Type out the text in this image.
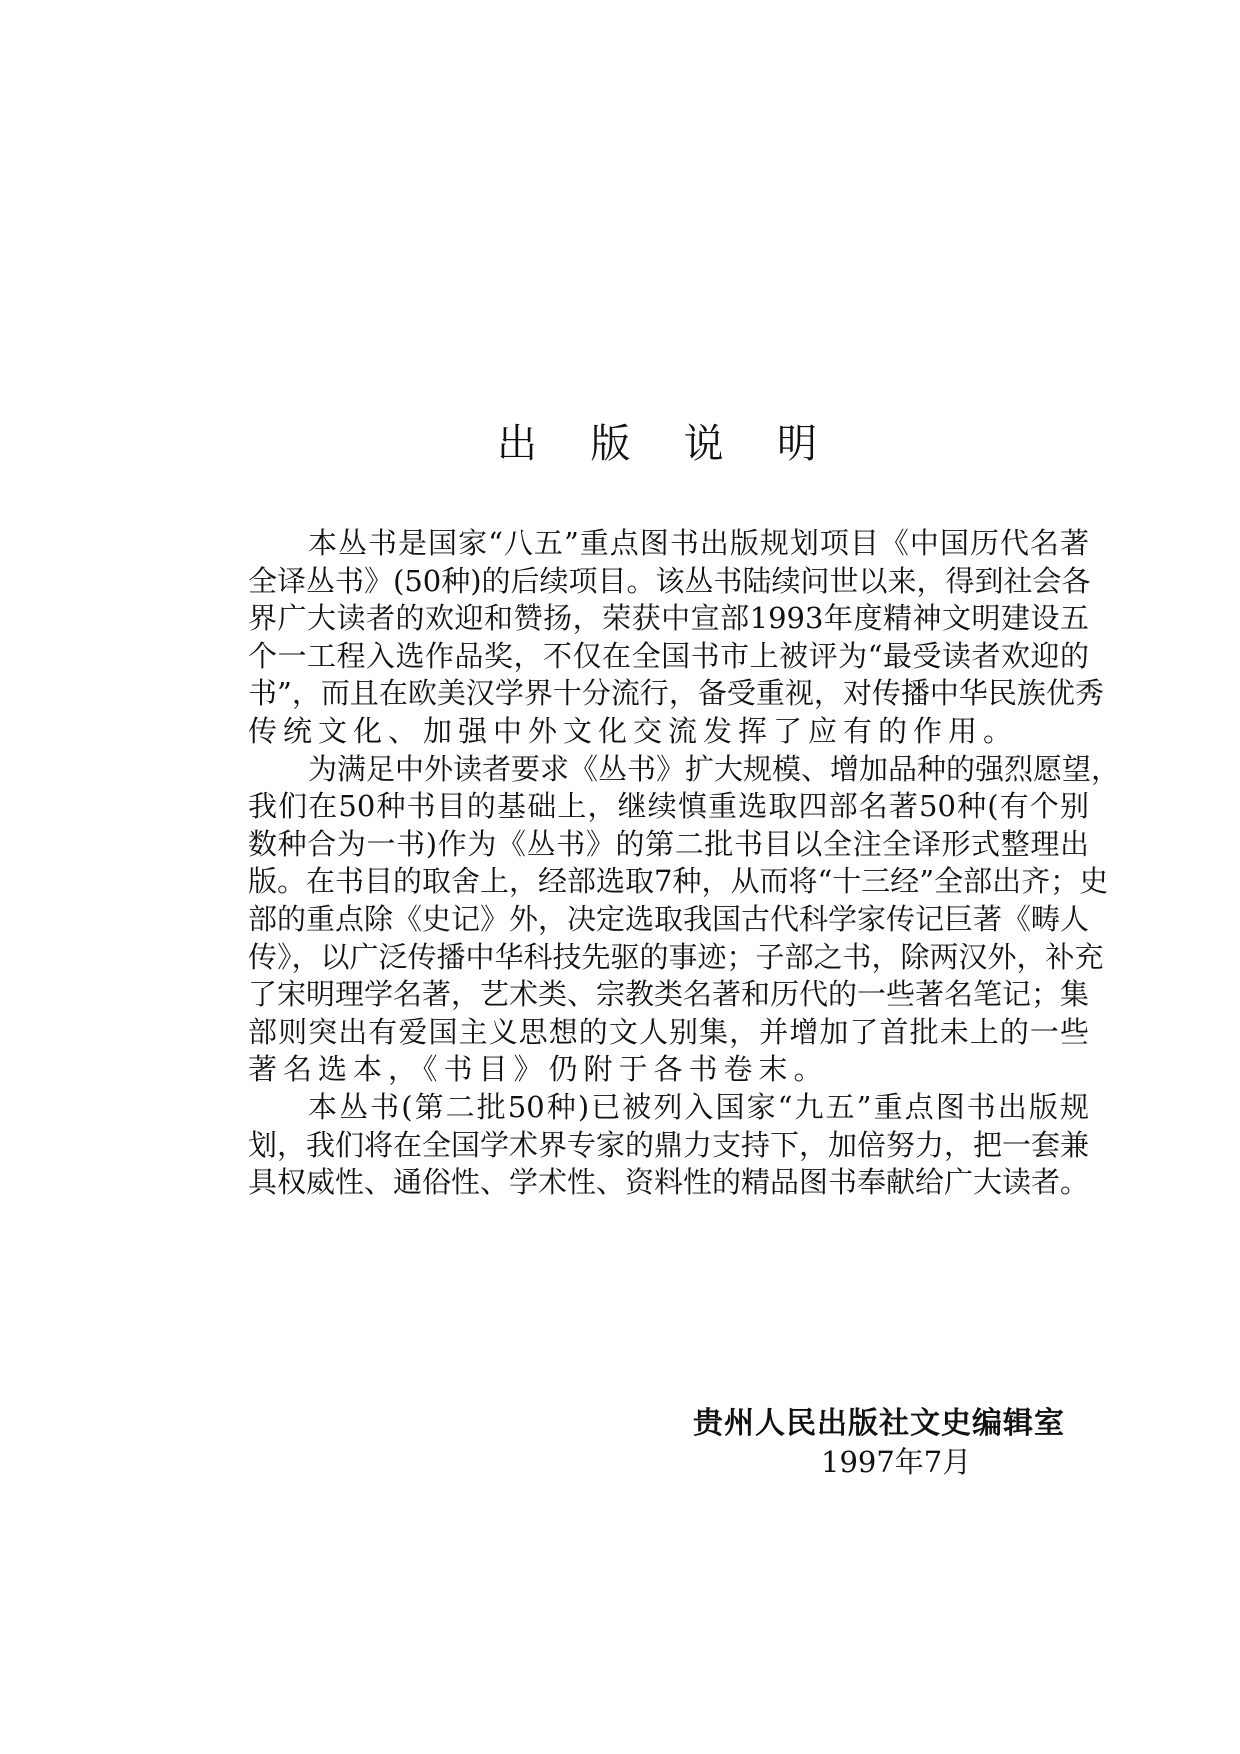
出 版 说 明
本丛书是国家“八五”重点图书出版规划项目《中国历代名著
全译丛书》(50种)的后续项目。该丛书陆续问世以来，得到社会各
界广大读者的欢迎和赞扬，荣获中宣部1993年度精神文明建设五
个一工程入选作品奖，不仅在全国书市上被评为“最受读者欢迎的
书”，而且在欧美汉学界十分流行，备受重视，对传播中华民族优秀
传统文化、加强中外文化交流发挥了应有的作用。
为满足中外读者要求《丛书》扩大规模、增加品种的强烈愿望，
我们在50种书目的基础上，继续慎重选取四部名著50种(有个别
数种合为一书)作为《丛书》的第二批书目以全注全译形式整理出
版。在书目的取舍上，经部选取7种，从而将“十三经”全部出齐；史
部的重点除《史记》外，决定选取我国古代科学家传记巨著《畴人
传》，以广泛传播中华科技先驱的事迹；子部之书，除两汉外，补充
了宋明理学名著，艺术类、宗教类名著和历代的一些著名笔记；集
部则突出有爱国主义思想的文人别集，并增加了首批未上的一些
著名选本，《书目》仍附于各书卷末。
本丛书(第二批50种)已被列入国家“九五”重点图书出版规
划，我们将在全国学术界专家的鼎力支持下，加倍努力，把一套兼
具权威性、通俗性、学术性、资料性的精品图书奉献给广大读者。
贵州人民出版社文史编辑室
1997年7月
